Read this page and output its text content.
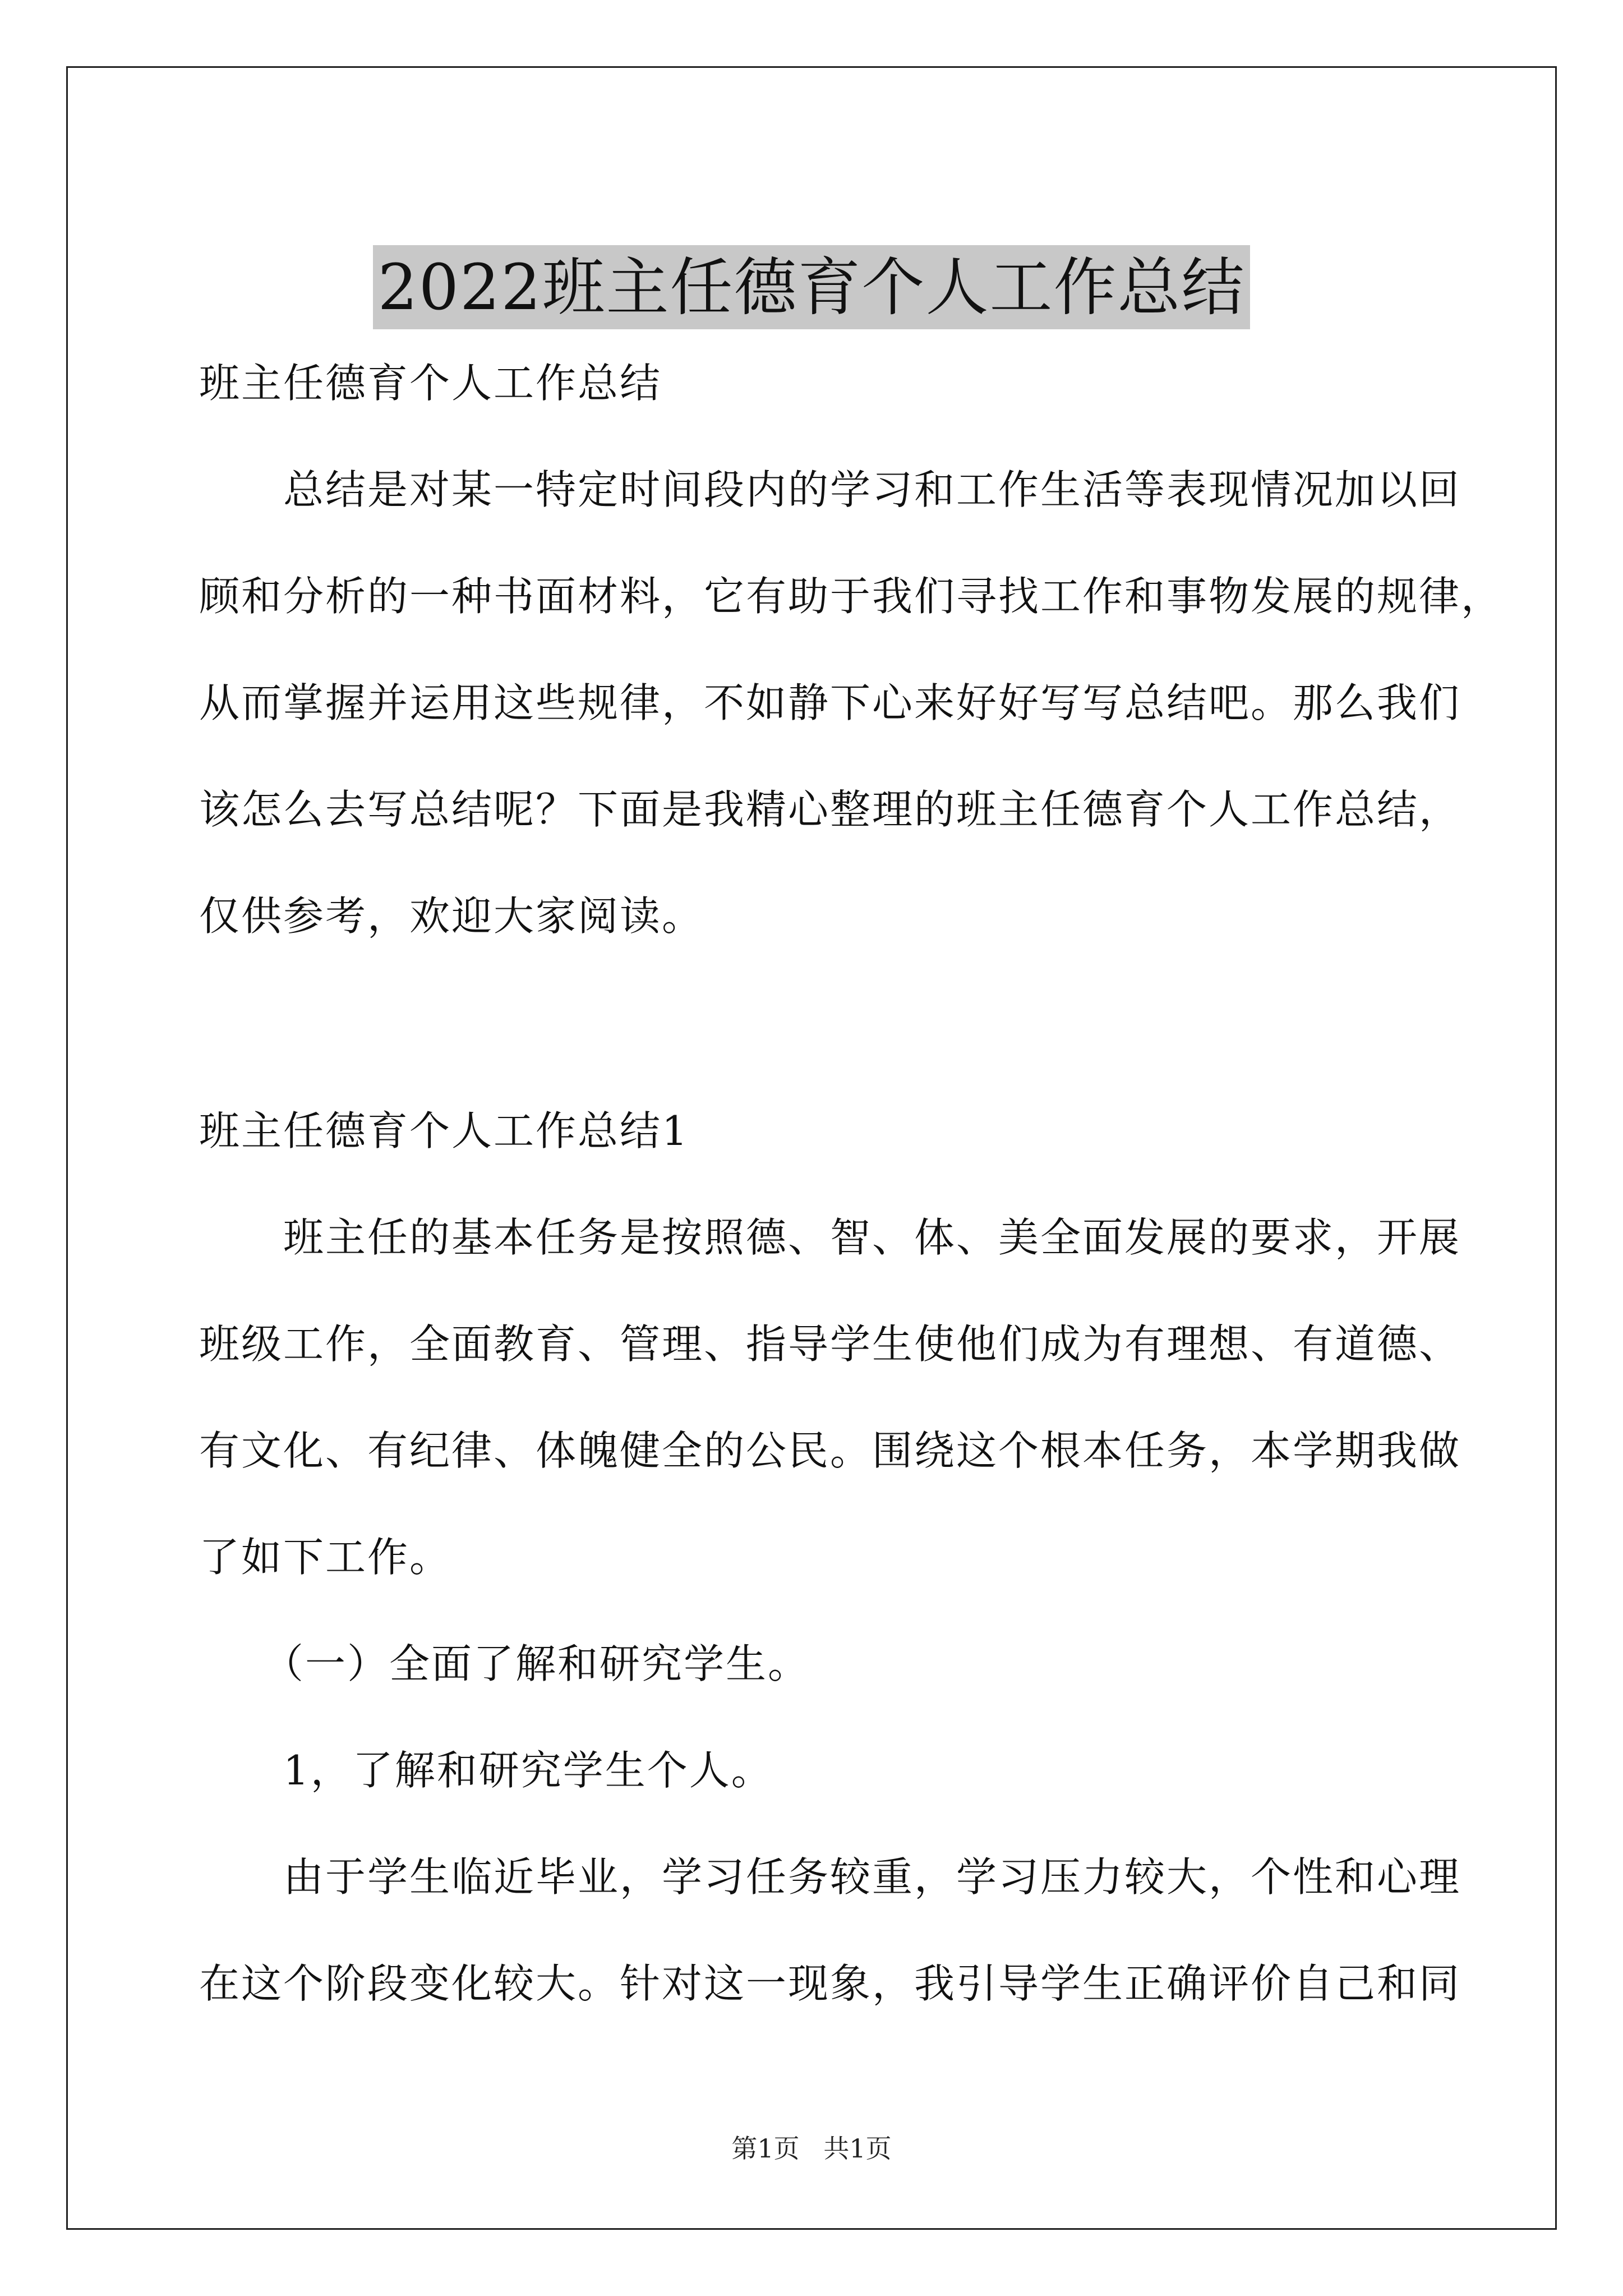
2022班主任德育个人工作总结
班主任德育个人工作总结
　　总结是对某一特定时间段内的学习和工作生活等表现情况加以回
顾和分析的一种书面材料，它有助于我们寻找工作和事物发展的规律，
从而掌握并运用这些规律，不如静下心来好好写写总结吧。那么我们
该怎么去写总结呢？下面是我精心整理的班主任德育个人工作总结，
仅供参考，欢迎大家阅读。
班主任德育个人工作总结1
　　班主任的基本任务是按照德、智、体、美全面发展的要求，开展
班级工作，全面教育、管理、指导学生使他们成为有理想、有道德、
有文化、有纪律、体魄健全的公民。围绕这个根本任务，本学期我做
了如下工作。
　　（一）全面了解和研究学生。
　　1，了解和研究学生个人。
　　由于学生临近毕业，学习任务较重，学习压力较大，个性和心理
在这个阶段变化较大。针对这一现象，我引导学生正确评价自己和同
第1页 共1页
